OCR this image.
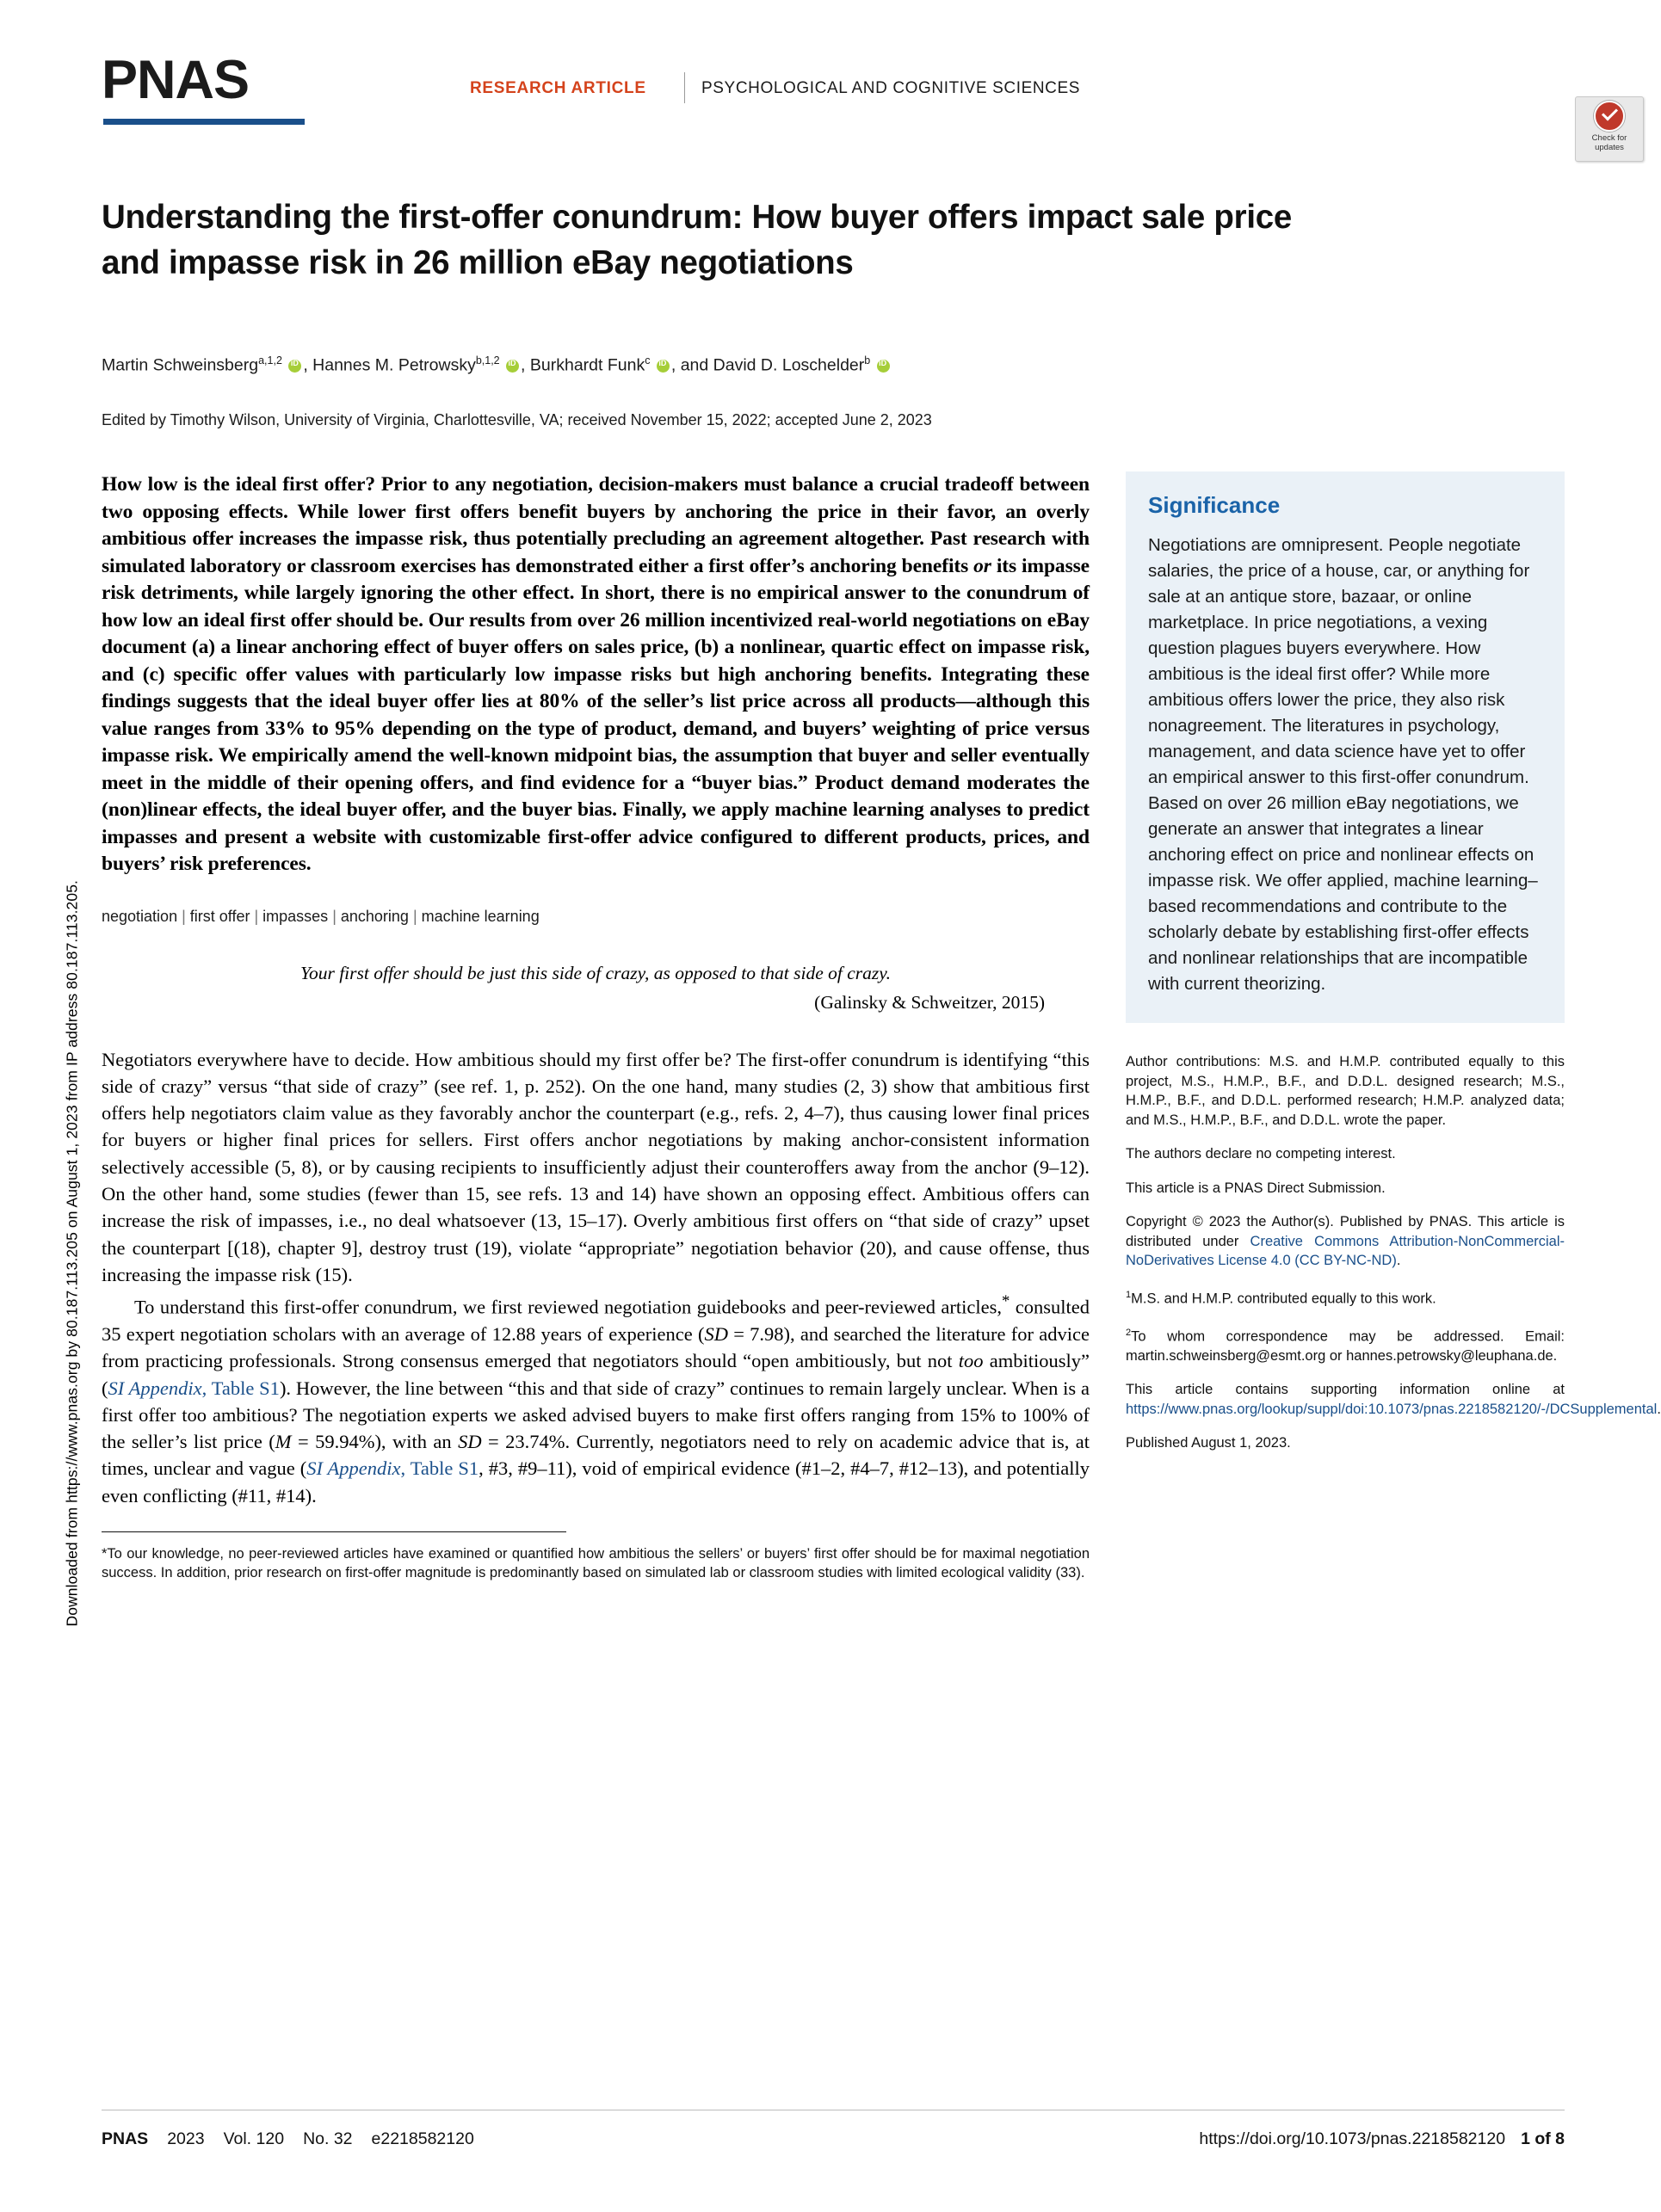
Downloaded from https://www.pnas.org by 80.187.113.205 on August 1, 2023 from IP address 80.187.113.205.
PNAS	RESEARCH ARTICLE	PSYCHOLOGICAL AND COGNITIVE SCIENCES
Check for
updates
Understanding the first-offer conundrum: How buyer offers impact sale price and impasse risk in 26 million eBay negotiations
Martin Schweinsberg$^{a,1,2}$ iD , Hannes M. Petrowsky$^{b,1,2}$ iD , Burkhardt Funk$^c$ iD , and David D. Loschelder$^b$ iD
Edited by Timothy Wilson, University of Virginia, Charlottesville, VA; received November 15, 2022; accepted June 2, 2023
How low is the ideal first offer? Prior to any negotiation, decision-makers must balance a crucial tradeoff between two opposing effects. While lower first offers benefit buyers by anchoring the price in their favor, an overly ambitious offer increases the impasse risk, thus potentially precluding an agreement altogether. Past research with simulated laboratory or classroom exercises has demonstrated either a first offer’s anchoring benefits or its impasse risk detriments, while largely ignoring the other effect. In short, there is no empirical answer to the conundrum of how low an ideal first offer should be. Our results from over 26 million incentivized real-world negotiations on eBay document (a) a linear anchoring effect of buyer offers on sales price, (b) a nonlinear, quartic effect on impasse risk, and (c) specific offer values with particularly low impasse risks but high anchoring benefits. Integrating these findings suggests that the ideal buyer offer lies at 80% of the seller’s list price across all products—although this value ranges from 33% to 95% depending on the type of product, demand, and buyers’ weighting of price versus impasse risk. We empirically amend the well-known midpoint bias, the assumption that buyer and seller eventually meet in the middle of their opening offers, and find evidence for a “buyer bias.” Product demand moderates the (non)linear effects, the ideal buyer offer, and the buyer bias. Finally, we apply machine learning analyses to predict impasses and present a website with customizable first-offer advice configured to different products, prices, and buyers’ risk preferences.
negotiation | first offer | impasses | anchoring | machine learning
Your first offer should be just this side of crazy, as opposed to that side of crazy.
(Galinsky & Schweitzer, 2015)

Negotiators everywhere have to decide. How ambitious should my first offer be? The first-offer conundrum is identifying “this side of crazy” versus “that side of crazy” (see ref. 1, p. 252). On the one hand, many studies (2, 3) show that ambitious first offers help negotiators claim value as they favorably anchor the counterpart (e.g., refs. 2, 4–7), thus causing lower final prices for buyers or higher final prices for sellers. First offers anchor negotiations by making anchor-consistent information selectively accessible (5, 8), or by causing recipients to insufficiently adjust their counteroffers away from the anchor (9–12). On the other hand, some studies (fewer than 15, see refs. 13 and 14) have shown an opposing effect. Ambitious offers can increase the risk of impasses, i.e., no deal whatsoever (13, 15–17). Overly ambitious first offers on “that side of crazy” upset the counterpart [(18), chapter 9], destroy trust (19), violate “appropriate” negotiation behavior (20), and cause offense, thus increasing the impasse risk (15).

To understand this first-offer conundrum, we first reviewed negotiation guidebooks and peer-reviewed articles,* consulted 35 expert negotiation scholars with an average of 12.88 years of experience (SD = 7.98), and searched the literature for advice from practicing professionals. Strong consensus emerged that negotiators should “open ambitiously, but not too ambitiously” (SI Appendix, Table S1). However, the line between “this and that side of crazy” continues to remain largely unclear. When is a first offer too ambitious? The negotiation experts we asked advised buyers to make first offers ranging from 15% to 100% of the seller’s list price (M = 59.94%), with an SD = 23.74%. Currently, negotiators need to rely on academic advice that is, at times, unclear and vague (SI Appendix, Table S1, #3, #9–11), void of empirical evidence (#1–2, #4–7, #12–13), and potentially even conflicting (#11, #14).

*To our knowledge, no peer-reviewed articles have examined or quantified how ambitious the sellers’ or buyers’ first offer should be for maximal negotiation success. In addition, prior research on first-offer magnitude is predominantly based on simulated lab or classroom studies with limited ecological validity (33).
Significance
Negotiations are omnipresent. People negotiate salaries, the price of a house, car, or anything for sale at an antique store, bazaar, or online marketplace. In price negotiations, a vexing question plagues buyers everywhere. How ambitious is the ideal first offer? While more ambitious offers lower the price, they also risk nonagreement. The literatures in psychology, management, and data science have yet to offer an empirical answer to this first-offer conundrum. Based on over 26 million eBay negotiations, we generate an answer that integrates a linear anchoring effect on price and nonlinear effects on impasse risk. We offer applied, machine learning–based recommendations and contribute to the scholarly debate by establishing first-offer effects and nonlinear relationships that are incompatible with current theorizing.

Author contributions: M.S. and H.M.P. contributed equally to this project, M.S., H.M.P., B.F., and D.D.L. designed research; M.S., H.M.P., B.F., and D.D.L. performed research; H.M.P. analyzed data; and M.S., H.M.P., B.F., and D.D.L. wrote the paper.

The authors declare no competing interest.

This article is a PNAS Direct Submission.

Copyright © 2023 the Author(s). Published by PNAS. This article is distributed under Creative Commons Attribution-NonCommercial-NoDerivatives License 4.0 (CC BY-NC-ND).

$^1$M.S. and H.M.P. contributed equally to this work.

$^2$To whom correspondence may be addressed. Email: martin.schweinsberg@esmt.org or hannes.petrowsky@leuphana.de.

This article contains supporting information online at https://www.pnas.org/lookup/suppl/doi:10.1073/pnas.2218582120/-/DCSupplemental.

Published August 1, 2023.

PNAS 2023 Vol. 120 No. 32 e2218582120	https://doi.org/10.1073/pnas.2218582120 1 of 8
